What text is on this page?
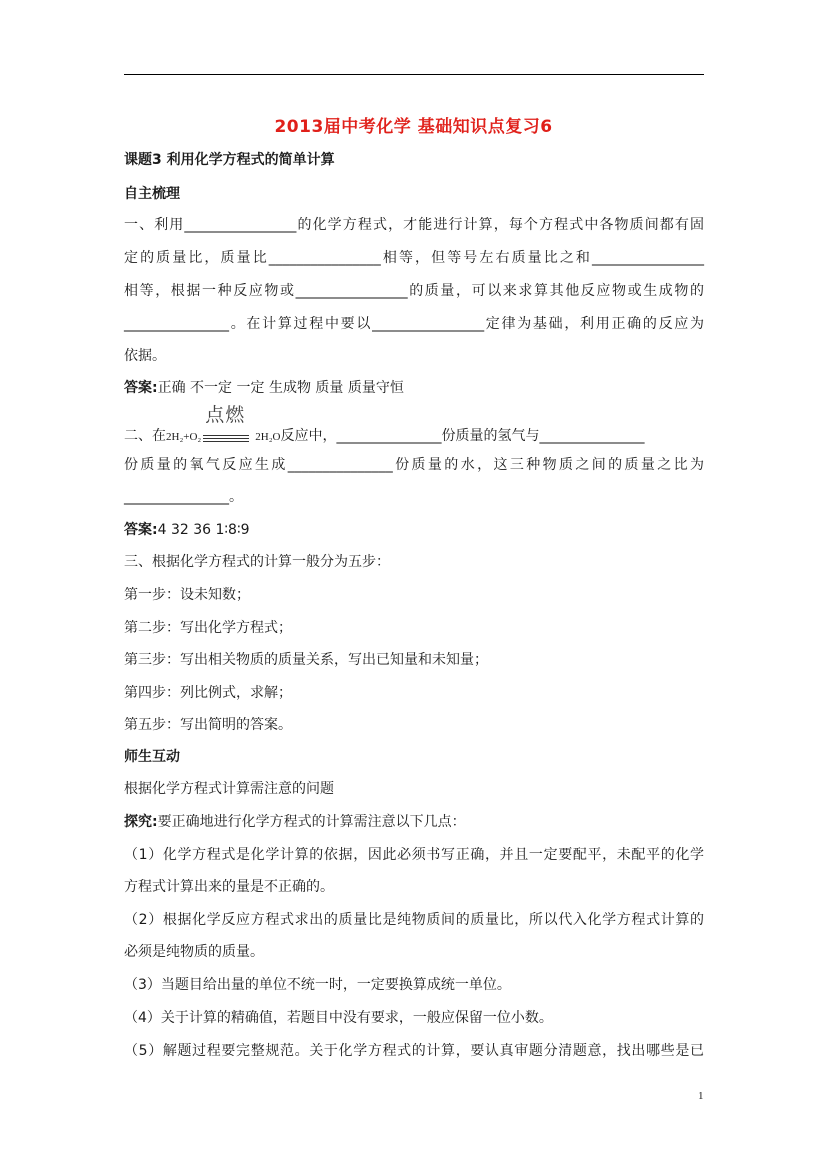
2013届中考化学 基础知识点复习6
课题3 利用化学方程式的简单计算
自主梳理
一、利用________________的化学方程式，才能进行计算，每个方程式中各物质间都有固
定的质量比，质量比________________相等，但等号左右质量比之和________________
相等，根据一种反应物或________________的质量，可以来求算其他反应物或生成物的
_______________。在计算过程中要以________________定律为基础，利用正确的反应为
依据。
答案:正确 不一定 一定 生成物 质量 质量守恒
二、在2H₂+O₂
点燃
2H₂O反应中，_______________份质量的氢气与_______________
份质量的氧气反应生成_______________份质量的水，这三种物质之间的质量之比为
_______________。
答案:4 32 36 1∶8∶9
三、根据化学方程式的计算一般分为五步：
第一步：设未知数；
第二步：写出化学方程式；
第三步：写出相关物质的质量关系，写出已知量和未知量；
第四步：列比例式，求解；
第五步：写出简明的答案。
师生互动
根据化学方程式计算需注意的问题
探究:要正确地进行化学方程式的计算需注意以下几点：
（1）化学方程式是化学计算的依据，因此必须书写正确，并且一定要配平，未配平的化学
方程式计算出来的量是不正确的。
（2）根据化学反应方程式求出的质量比是纯物质间的质量比，所以代入化学方程式计算的
必须是纯物质的质量。
（3）当题目给出量的单位不统一时，一定要换算成统一单位。
（4）关于计算的精确值，若题目中没有要求，一般应保留一位小数。
（5）解题过程要完整规范。关于化学方程式的计算，要认真审题分清题意，找出哪些是已
1
